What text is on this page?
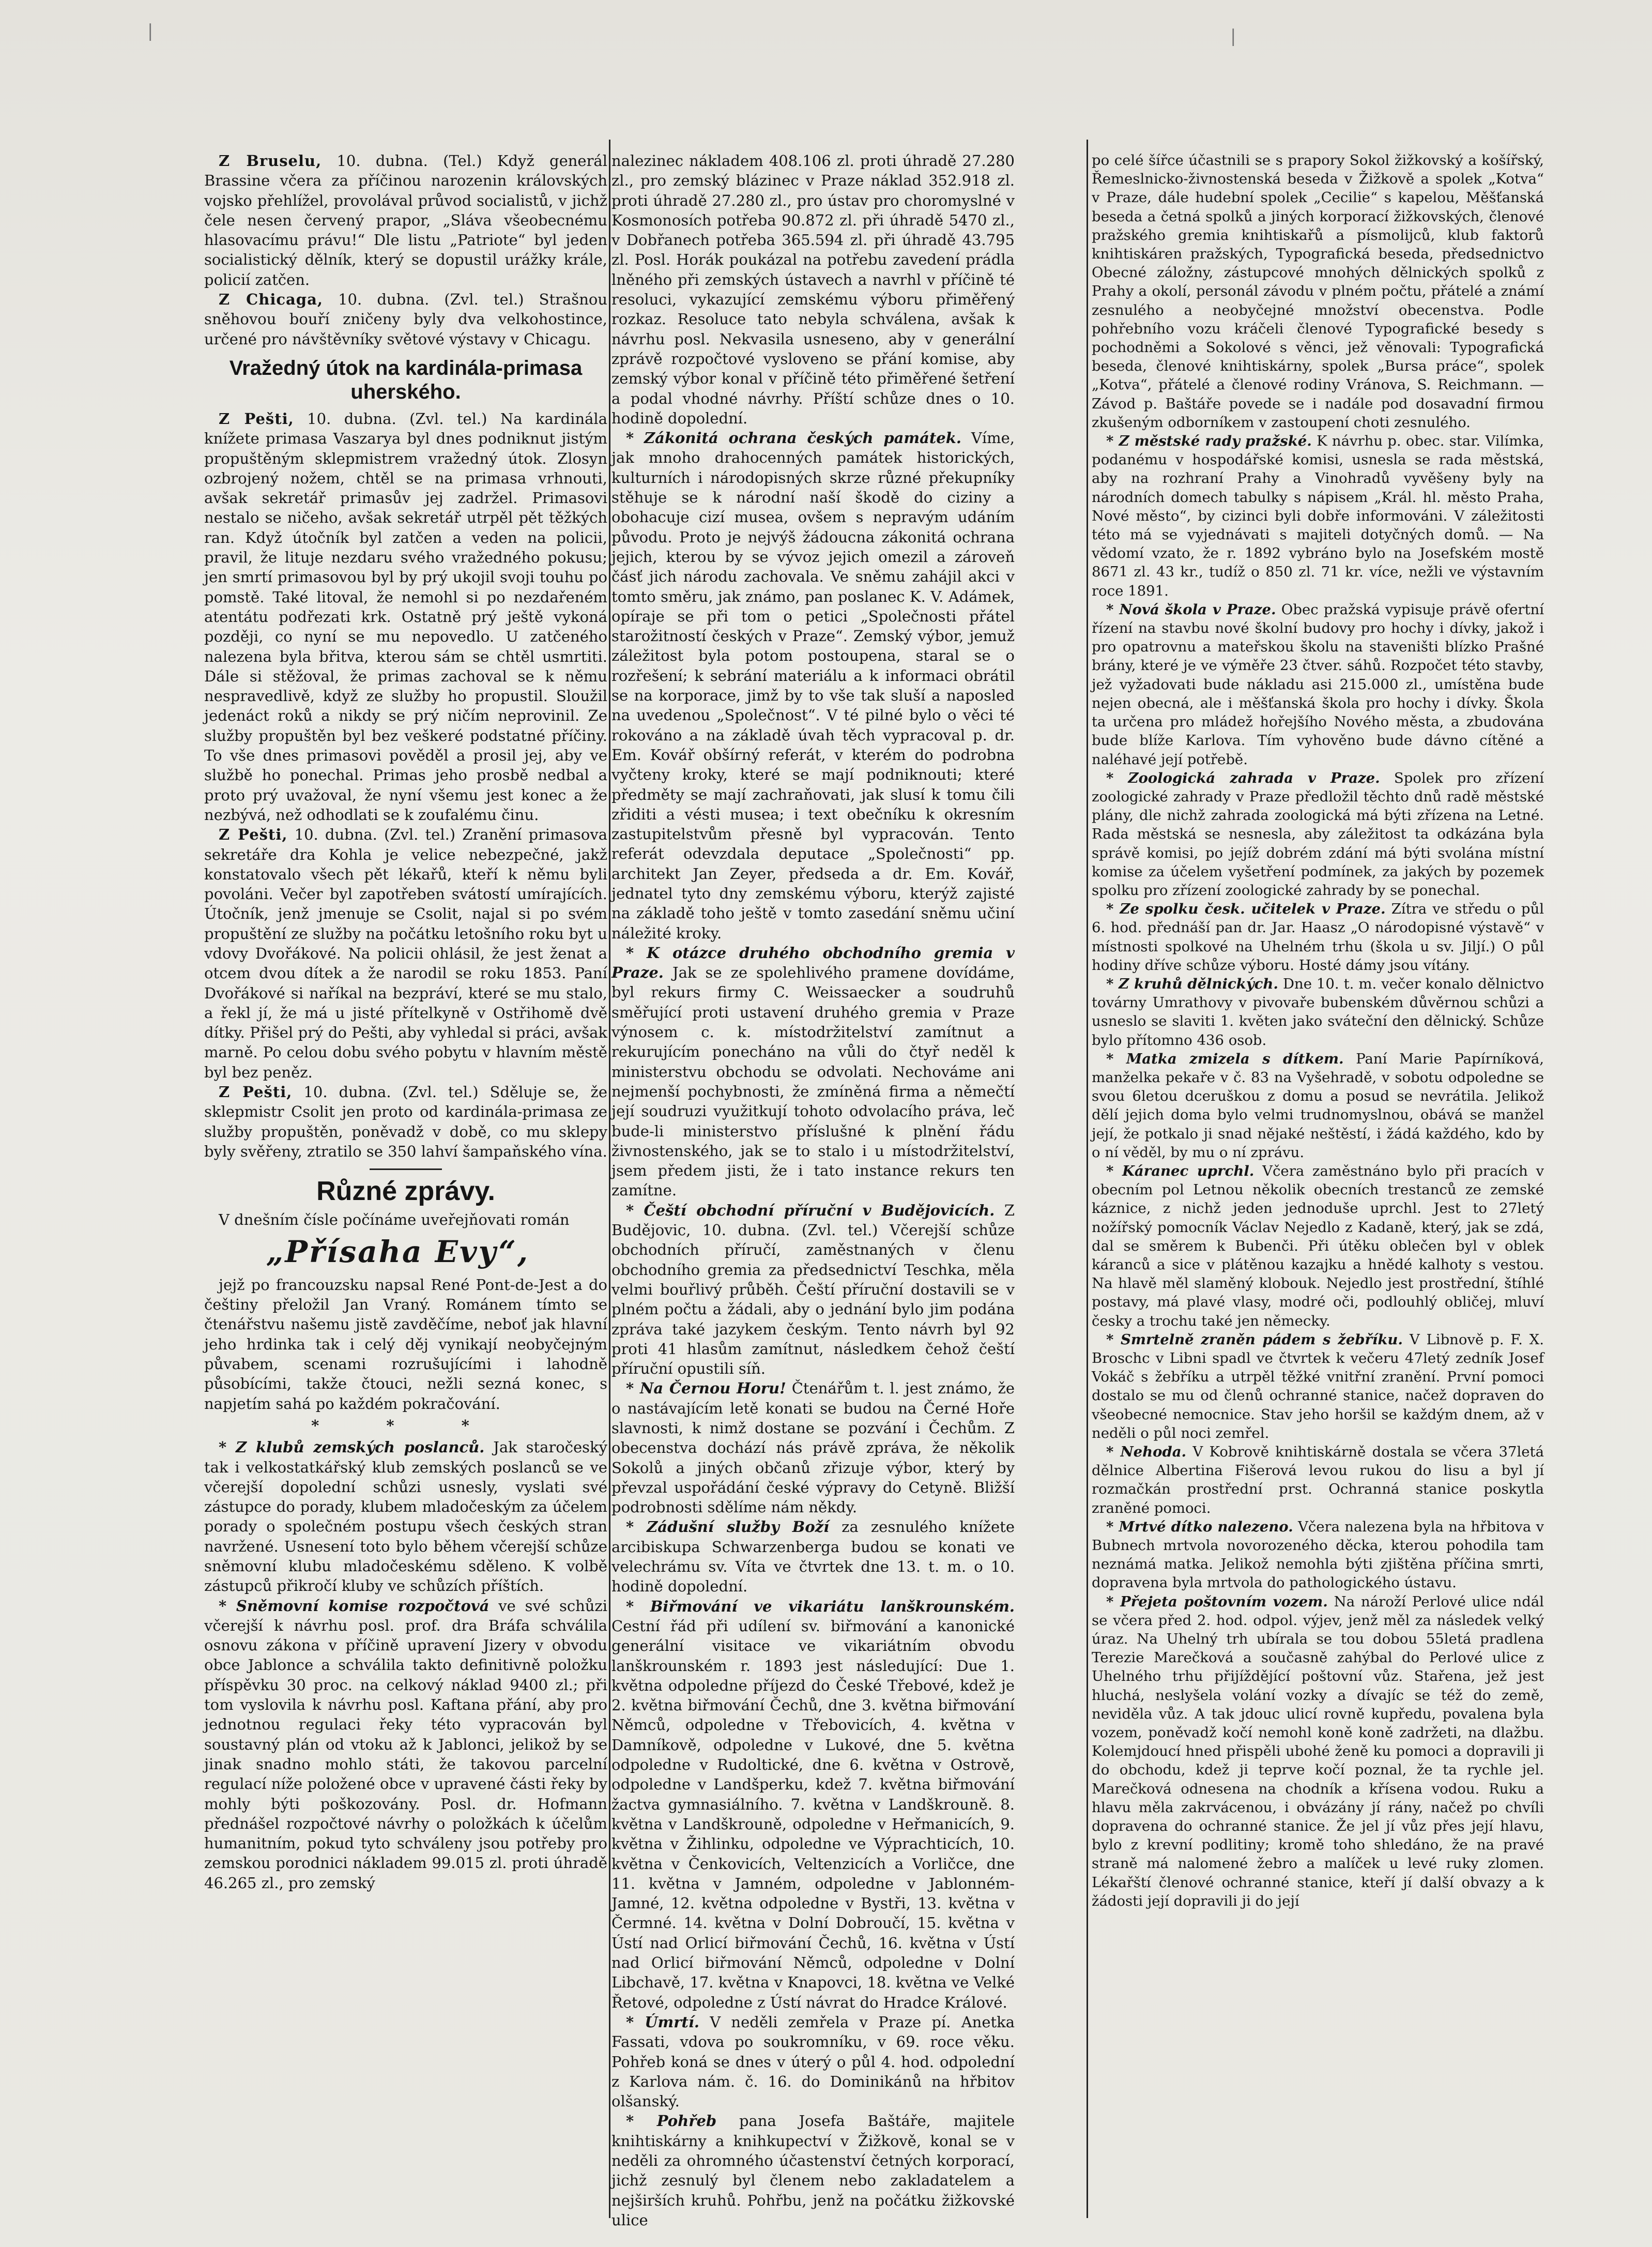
|	|

Z Bruselu, 10. dubna. (Tel.) Když generál Brassine včera za příčinou narozenin královských vojsko přehlížel, provolával průvod socialistů, v jichž čele nesen červený prapor, „Sláva všeobecnému hlasovacímu právu!“ Dle listu „Patriote“ byl jeden socialistický dělník, který se dopustil urážky krále, policií zatčen.

Z Chicaga, 10. dubna. (Zvl. tel.) Strašnou sněhovou bouří zničeny byly dva velkohostince, určené pro návštěvníky světové výstavy v Chicagu.

Vražedný útok na kardinála-primasa uherského.

Z Pešti, 10. dubna. (Zvl. tel.) Na kardinála knížete primasa Vaszarya byl dnes podniknut jistým propuštěným sklepmistrem vražedný útok. Zlosyn ozbrojený nožem, chtěl se na primasa vrhnouti, avšak sekretář primasův jej zadržel. Primasovi nestalo se ničeho, avšak sekretář utrpěl pět těžkých ran. Když útočník byl zatčen a veden na policii, pravil, že lituje nezdaru svého vražedného pokusu; jen smrtí primasovou byl by prý ukojil svoji touhu po pomstě. Také litoval, že nemohl si po nezdařeném atentátu podřezati krk. Ostatně prý ještě vykoná později, co nyní se mu nepovedlo. U zatčeného nalezena byla břitva, kterou sám se chtěl usmrtiti. Dále si stěžoval, že primas zachoval se k němu nespravedlivě, když ze služby ho propustil. Sloužil jedenáct roků a nikdy se prý ničím neprovinil. Ze služby propuštěn byl bez veškeré podstatné příčiny. To vše dnes primasovi pověděl a prosil jej, aby ve službě ho ponechal. Primas jeho prosbě nedbal a proto prý uvažoval, že nyní všemu jest konec a že nezbývá, než odhodlati se k zoufalému činu.

Z Pešti, 10. dubna. (Zvl. tel.) Zranění primasova sekretáře dra Kohla je velice nebezpečné, jakž konstatovalo všech pět lékařů, kteří k němu byli povoláni. Večer byl zapotřeben svátostí umírajících. Útočník, jenž jmenuje se Csolit, najal si po svém propuštění ze služby na počátku letošního roku byt u vdovy Dvořákové. Na policii ohlásil, že jest ženat a otcem dvou dítek a že narodil se roku 1853. Paní Dvořákové si naříkal na bezpráví, které se mu stalo, a řekl jí, že má u jisté přítelkyně v Ostřihomě dvě dítky. Přišel prý do Pešti, aby vyhledal si práci, avšak marně. Po celou dobu svého pobytu v hlavním městě byl bez peněz.

Z Pešti, 10. dubna. (Zvl. tel.) Sděluje se, že sklepmistr Csolit jen proto od kardinála-primasa ze služby propuštěn, poněvadž v době, co mu sklepy byly svěřeny, ztratilo se 350 lahví šampaňského vína.

Různé zprávy.

V dnešním čísle počínáme uveřejňovati román

„Přísaha Evy“,

jejž po francouzsku napsal René Pont-de-Jest a do češtiny přeložil Jan Vraný. Románem tímto se čtenářstvu našemu jistě zavděčíme, neboť jak hlavní jeho hrdinka tak i celý děj vynikají neobyčejným půvabem, scenami rozrušujícími i lahodně působícími, takže čtouci, nežli sezná konec, s napjetím sahá po každém pokračování.

* * *

* Z klubů zemských poslanců. Jak staročeský tak i velkostatkářský klub zemských poslanců se ve včerejší dopolední schůzi usnesly, vyslati své zástupce do porady, klubem mladočeským za účelem porady o společném postupu všech českých stran navržené. Usnesení toto bylo během včerejší schůze sněmovní klubu mladočeskému sděleno. K volbě zástupců přikročí kluby ve schůzích příštích.

* Sněmovní komise rozpočtová ve své schůzi včerejší k návrhu posl. prof. dra Bráfa schválila osnovu zákona v příčině upravení Jizery v obvodu obce Jablonce a schválila takto definitivně položku příspěvku 30 proc. na celkový náklad 9400 zl.; při tom vyslovila k návrhu posl. Kaftana přání, aby pro jednotnou regulaci řeky této vypracován byl soustavný plán od vtoku až k Jablonci, jelikož by se jinak snadno mohlo státi, že takovou parcelní regulací níže položené obce v upravené části řeky by mohly býti poškozovány. Posl. dr. Hofmann přednášel rozpočtové návrhy o položkách k účelům humanitním, pokud tyto schváleny jsou potřeby pro zemskou porodnici nákladem 99.015 zl. proti úhradě 46.265 zl., pro zemský

nalezinec nákladem 408.106 zl. proti úhradě 27.280 zl., pro zemský blázinec v Praze náklad 352.918 zl. proti úhradě 27.280 zl., pro ústav pro choromyslné v Kosmonosích potřeba 90.872 zl. při úhradě 5470 zl., v Dobřanech potřeba 365.594 zl. při úhradě 43.795 zl. Posl. Horák poukázal na potřebu zavedení prádla lněného při zemských ústavech a navrhl v příčině té resoluci, vykazující zemskému výboru přiměřený rozkaz. Resoluce tato nebyla schválena, avšak k návrhu posl. Nekvasila usneseno, aby v generální zprávě rozpočtové vysloveno se přání komise, aby zemský výbor konal v příčině této přiměřené šetření a podal vhodné návrhy. Příští schůze dnes o 10. hodině dopolední.

* Zákonitá ochrana českých památek. Víme, jak mnoho drahocenných památek historických, kulturních i národopisných skrze různé překupníky stěhuje se k národní naší škodě do ciziny a obohacuje cizí musea, ovšem s nepravým udáním původu. Proto je nejvýš žádoucna zákonitá ochrana jejich, kterou by se vývoz jejich omezil a zároveň čásť jich národu zachovala. Ve sněmu zahájil akci v tomto směru, jak známo, pan poslanec K. V. Adámek, opíraje se při tom o petici „Společnosti přátel starožitností českých v Praze“. Zemský výbor, jemuž záležitost byla potom postoupena, staral se o rozřešení; k sebrání materiálu a k informaci obrátil se na korporace, jimž by to vše tak sluší a naposled na uvedenou „Společnost“. V té pilné bylo o věci té rokováno a na základě úvah těch vypracoval p. dr. Em. Kovář obšírný referát, v kterém do podrobna vyčteny kroky, které se mají podniknouti; které předměty se mají zachraňovati, jak slusí k tomu čili zřiditi a vésti musea; i text obečníku k okresním zastupitelstvům přesně byl vypracován. Tento referát odevzdala deputace „Společnosti“ pp. architekt Jan Zeyer, předseda a dr. Em. Kovář, jednatel tyto dny zemskému výboru, kterýž zajisté na základě toho ještě v tomto zasedání sněmu učiní náležité kroky.

* K otázce druhého obchodního gremia v Praze. Jak se ze spolehlivého pramene dovídáme, byl rekurs firmy C. Weissaecker a soudruhů směřující proti ustavení druhého gremia v Praze výnosem c. k. místodržitelství zamítnut a rekurujícím ponecháno na vůli do čtyř neděl k ministerstvu obchodu se odvolati. Nechováme ani nejmenší pochybnosti, že zmíněná firma a němečtí její soudruzi využitkují tohoto odvolacího práva, leč bude-li ministerstvo příslušné k plnění řádu živnostenského, jak se to stalo i u místodržitelství, jsem předem jisti, že i tato instance rekurs ten zamítne.

* Čeští obchodní příruční v Budějovicích. Z Budějovic, 10. dubna. (Zvl. tel.) Včerejší schůze obchodních příručí, zaměstnaných v členu obchodního gremia za předsednictví Teschka, měla velmi bouřlivý průběh. Čeští příruční dostavili se v plném počtu a žádali, aby o jednání bylo jim podána zpráva také jazykem českým. Tento návrh byl 92 proti 41 hlasům zamítnut, následkem čehož čeští příruční opustili síň.

* Na Černou Horu! Čtenářům t. l. jest známo, že o nastávajícím letě konati se budou na Černé Hoře slavnosti, k nimž dostane se pozvání i Čechům. Z obecenstva dochází nás právě zpráva, že několik Sokolů a jiných občanů zřizuje výbor, který by převzal uspořádání české výpravy do Cetyně. Bližší podrobnosti sdělíme nám někdy.

* Zádušní služby Boží za zesnulého knížete arcibiskupa Schwarzenberga budou se konati ve velechrámu sv. Víta ve čtvrtek dne 13. t. m. o 10. hodině dopolední.

* Biřmování ve vikariátu lanškrounském. Cestní řád při udílení sv. biřmování a kanonické generální visitace ve vikariátním obvodu lanškrounském r. 1893 jest následující: Due 1. května odpoledne příjezd do České Třebové, kdež je 2. května biřmování Čechů, dne 3. května biřmování Němců, odpoledne v Třebovicích, 4. května v Damníkově, odpoledne v Lukové, dne 5. května odpoledne v Rudoltické, dne 6. května v Ostrově, odpoledne v Landšperku, kdež 7. května biřmování žactva gymnasiálního. 7. května v Landškrouně. 8. května v Landškrouně, odpoledne v Heřmanicích, 9. května v Žihlinku, odpoledne ve Výprachticích, 10. května v Čenkovicích, Veltenzicích a Vorličce, dne 11. května v Jamném, odpoledne v Jablonném-Jamné, 12. května odpoledne v Bystři, 13. května v Čermné. 14. května v Dolní Dobroučí, 15. května v Ústí nad Orlicí biřmování Čechů, 16. května v Ústí nad Orlicí biřmování Němců, odpoledne v Dolní Libchavě, 17. května v Knapovci, 18. května ve Velké Řetové, odpoledne z Ústí návrat do Hradce Králové.

* Úmrtí. V neděli zemřela v Praze pí. Anetka Fassati, vdova po soukromníku, v 69. roce věku. Pohřeb koná se dnes v úterý o půl 4. hod. odpolední z Karlova nám. č. 16. do Dominikánů na hřbitov olšanský.

* Pohřeb pana Josefa Baštáře, majitele knihtiskárny a knihkupectví v Žižkově, konal se v neděli za ohromného účastenství četných korporací, jichž zesnulý byl členem nebo zakladatelem a nejširších kruhů. Pohřbu, jenž na počátku žižkovské ulice

po celé šířce účastnili se s prapory Sokol žižkovský a košířský, Řemeslnicko-živnostenská beseda v Žižkově a spolek „Kotva“ v Praze, dále hudební spolek „Cecilie“ s kapelou, Měšťanská beseda a četná spolků a jiných korporací žižkovských, členové pražského gremia knihtiskařů a písmolijců, klub faktorů knihtiskáren pražských, Typografická beseda, předsednictvo Obecné záložny, zástupcové mnohých dělnických spolků z Prahy a okolí, personál závodu v plném počtu, přátelé a známí zesnulého a neobyčejné množství obecenstva. Podle pohřebního vozu kráčeli členové Typografické besedy s pochodněmi a Sokolové s věnci, jež věnovali: Typografická beseda, členové knihtiskárny, spolek „Bursa práce“, spolek „Kotva“, přátelé a členové rodiny Vránova, S. Reichmann. — Závod p. Baštáře povede se i nadále pod dosavadní firmou zkušeným odborníkem v zastoupení choti zesnulého.

* Z městské rady pražské. K návrhu p. obec. star. Vilímka, podanému v hospodářské komisi, usnesla se rada městská, aby na rozhraní Prahy a Vinohradů vyvěšeny byly na národních domech tabulky s nápisem „Král. hl. město Praha, Nové město“, by cizinci byli dobře informováni. V záležitosti této má se vyjednávati s majiteli dotyčných domů. — Na vědomí vzato, že r. 1892 vybráno bylo na Josefském mostě 8671 zl. 43 kr., tudíž o 850 zl. 71 kr. více, nežli ve výstavním roce 1891.

* Nová škola v Praze. Obec pražská vypisuje právě ofertní řízení na stavbu nové školní budovy pro hochy i dívky, jakož i pro opatrovnu a mateřskou školu na staveništi blízko Prašné brány, které je ve výměře 23 čtver. sáhů. Rozpočet této stavby, jež vyžadovati bude nákladu asi 215.000 zl., umístěna bude nejen obecná, ale i měšťanská škola pro hochy i dívky. Škola ta určena pro mládež hořejšího Nového města, a zbudována bude blíže Karlova. Tím vyhověno bude dávno cítěné a naléhavé její potřebě.

* Zoologická zahrada v Praze. Spolek pro zřízení zoologické zahrady v Praze předložil těchto dnů radě městské plány, dle nichž zahrada zoologická má býti zřízena na Letné. Rada městská se nesnesla, aby záležitost ta odkázána byla správě komisi, po jejíž dobrém zdání má býti svolána místní komise za účelem vyšetření podmínek, za jakých by pozemek spolku pro zřízení zoologické zahrady by se ponechal.

* Ze spolku česk. učitelek v Praze. Zítra ve středu o půl 6. hod. přednáší pan dr. Jar. Haasz „O národopisné výstavě“ v místnosti spolkové na Uhelném trhu (škola u sv. Jiljí.) O půl hodiny dříve schůze výboru. Hosté dámy jsou vítány.

* Z kruhů dělnických. Dne 10. t. m. večer konalo dělnictvo továrny Umrathovy v pivovaře bubenském důvěrnou schůzi a usneslo se slaviti 1. květen jako sváteční den dělnický. Schůze bylo přítomno 436 osob.

* Matka zmizela s dítkem. Paní Marie Papírníková, manželka pekaře v č. 83 na Vyšehradě, v sobotu odpoledne se svou 6letou dceruškou z domu a posud se nevrátila. Jelikož dělí jejich doma bylo velmi trudnomyslnou, obává se manžel její, že potkalo ji snad nějaké neštěstí, i žádá každého, kdo by o ní věděl, by mu o ní zprávu.

* Káranec uprchl. Včera zaměstnáno bylo při pracích v obecním pol Letnou několik obecních trestanců ze zemské káznice, z nichž jeden jednoduše uprchl. Jest to 27letý nožířský pomocník Václav Nejedlo z Kadaně, který, jak se zdá, dal se směrem k Bubenči. Při útěku oblečen byl v oblek káranců a sice v plátěnou kazajku a hnědé kalhoty s vestou. Na hlavě měl slaměný klobouk. Nejedlo jest prostřední, štíhlé postavy, má plavé vlasy, modré oči, podlouhlý obličej, mluví česky a trochu také jen německy.

* Smrtelně zraněn pádem s žebříku. V Libnově p. F. X. Broschc v Libni spadl ve čtvrtek k večeru 47letý zedník Josef Vokáč s žebříku a utrpěl těžké vnitřní zranění. První pomoci dostalo se mu od členů ochranné stanice, načež dopraven do všeobecné nemocnice. Stav jeho horšil se každým dnem, až v neděli o půl noci zemřel.

* Nehoda. V Kobrově knihtiskárně dostala se včera 37letá dělnice Albertina Fišerová levou rukou do lisu a byl jí rozmačkán prostřední prst. Ochranná stanice poskytla zraněné pomoci.

* Mrtvé dítko nalezeno. Včera nalezena byla na hřbitova v Bubnech mrtvola novorozeného děcka, kterou pohodila tam neznámá matka. Jelikož nemohla býti zjištěna příčina smrti, dopravena byla mrtvola do pathologického ústavu.

* Přejeta poštovním vozem. Na nároží Perlové ulice ndál se včera před 2. hod. odpol. výjev, jenž měl za následek velký úraz. Na Uhelný trh ubírala se tou dobou 55letá pradlena Terezie Marečková a současně zahýbal do Perlové ulice z Uhelného trhu přijíždějící poštovní vůz. Stařena, jež jest hluchá, neslyšela volání vozky a dívajíc se též do země, neviděla vůz. A tak jdouc ulicí rovně kupředu, povalena byla vozem, poněvadž kočí nemohl koně koně zadržeti, na dlažbu. Kolemjdoucí hned přispěli ubohé ženě ku pomoci a dopravili ji do obchodu, kdež ji teprve kočí poznal, že ta rychle jel. Marečková odnesena na chodník a křísena vodou. Ruku a hlavu měla zakrvácenou, i obvázány jí rány, načež po chvíli dopravena do ochranné stanice. Že jel jí vůz přes její hlavu, bylo z krevní podlitiny; kromě toho shledáno, že na pravé straně má nalomené žebro a malíček u levé ruky zlomen. Lékařští členové ochranné stanice, kteří jí další obvazy a k žádosti její dopravili ji do její
